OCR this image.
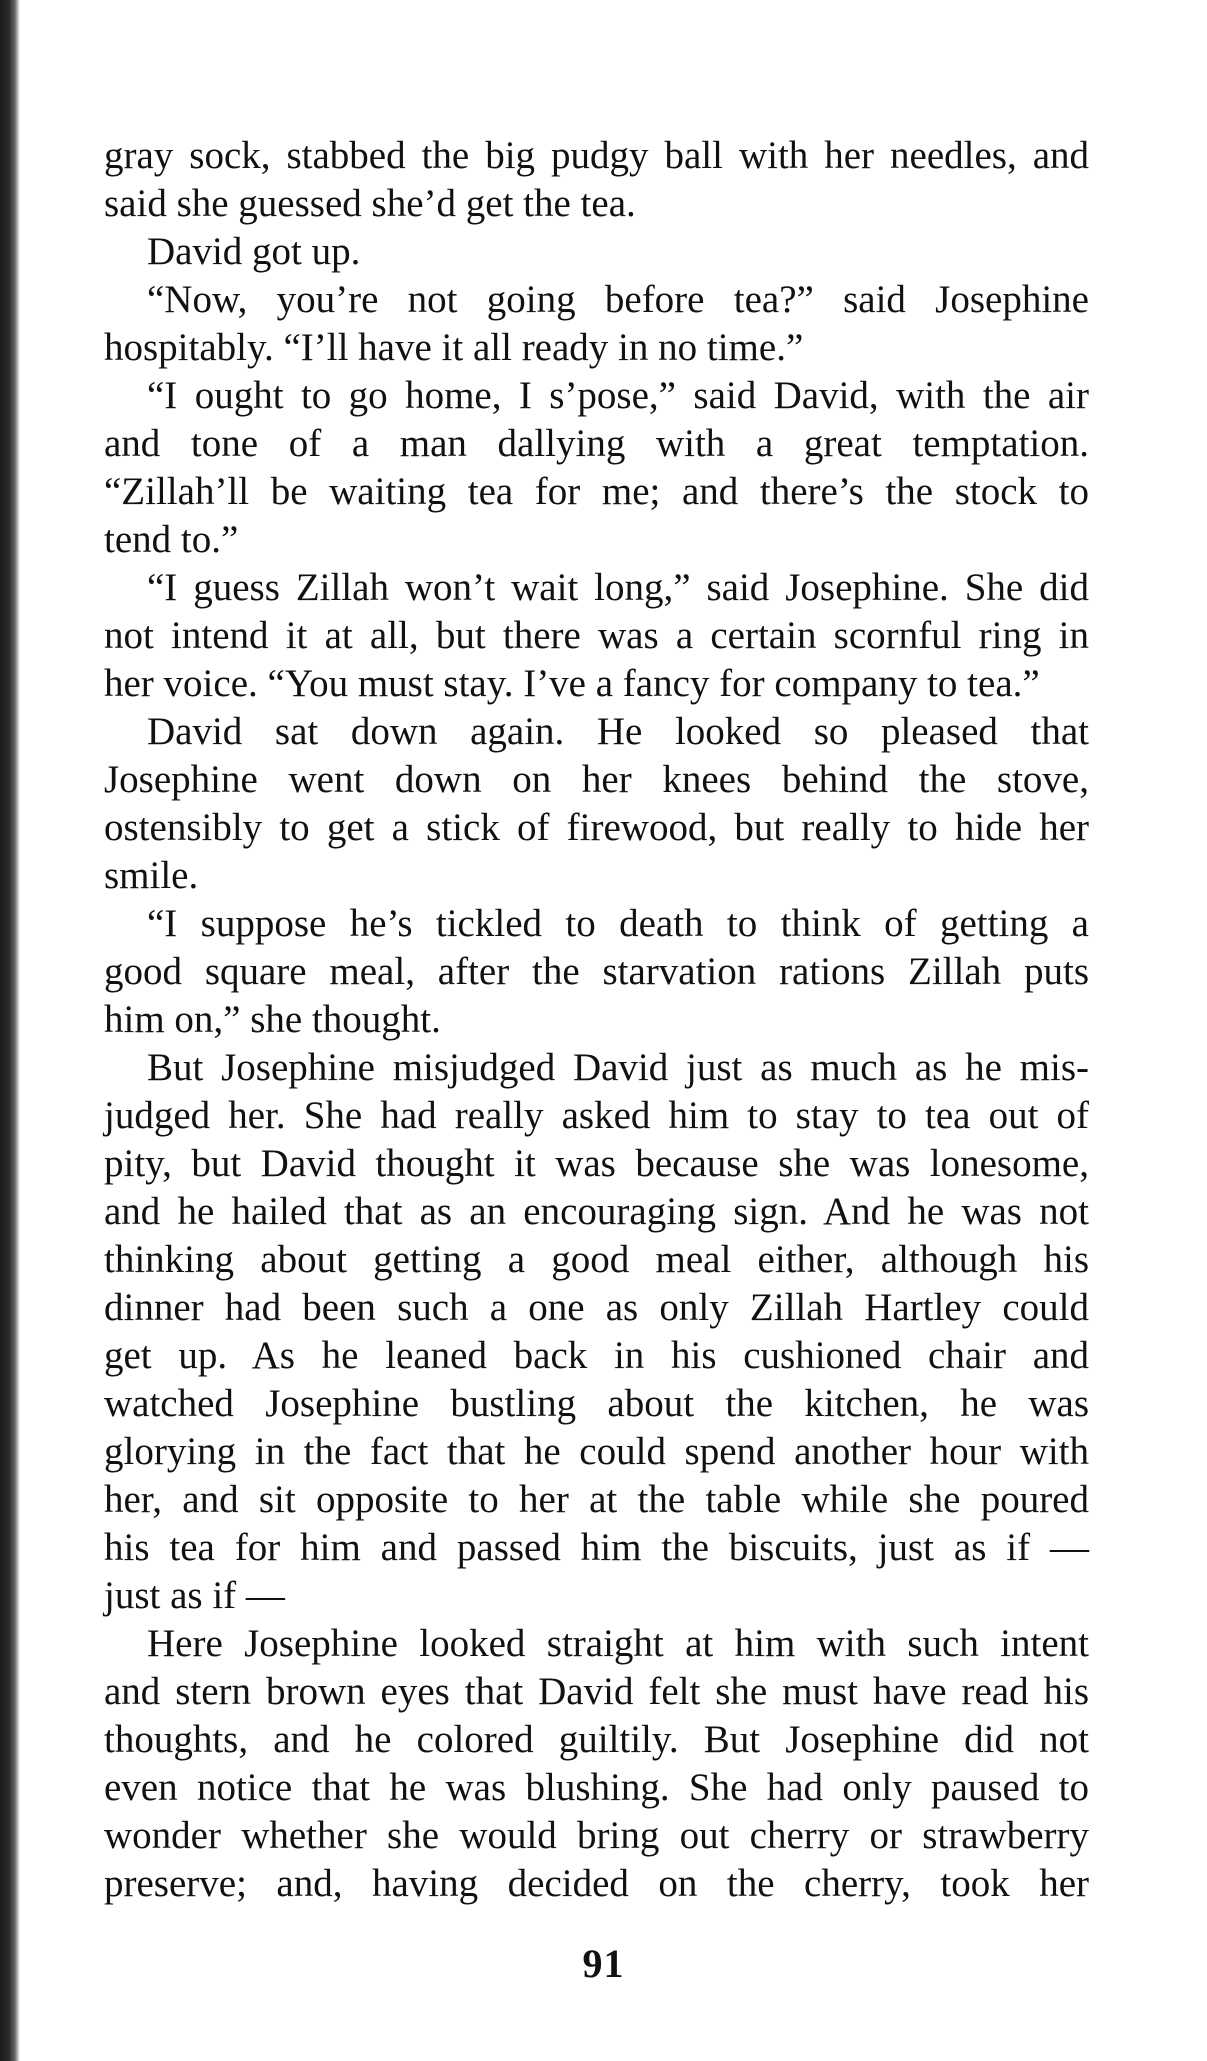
gray sock, stabbed the big pudgy ball with her needles, and
said she guessed she’d get the tea.
David got up.
“Now, you’re not going before tea?” said Josephine
hospitably. “I’ll have it all ready in no time.”
“I ought to go home, I s’pose,” said David, with the air
and tone of a man dallying with a great temptation.
“Zillah’ll be waiting tea for me; and there’s the stock to
tend to.”
“I guess Zillah won’t wait long,” said Josephine. She did
not intend it at all, but there was a certain scornful ring in
her voice. “You must stay. I’ve a fancy for company to tea.”
David sat down again. He looked so pleased that
Josephine went down on her knees behind the stove,
ostensibly to get a stick of firewood, but really to hide her
smile.
“I suppose he’s tickled to death to think of getting a
good square meal, after the starvation rations Zillah puts
him on,” she thought.
But Josephine misjudged David just as much as he mis-
judged her. She had really asked him to stay to tea out of
pity, but David thought it was because she was lonesome,
and he hailed that as an encouraging sign. And he was not
thinking about getting a good meal either, although his
dinner had been such a one as only Zillah Hartley could
get up. As he leaned back in his cushioned chair and
watched Josephine bustling about the kitchen, he was
glorying in the fact that he could spend another hour with
her, and sit opposite to her at the table while she poured
his tea for him and passed him the biscuits, just as if —
just as if —
Here Josephine looked straight at him with such intent
and stern brown eyes that David felt she must have read his
thoughts, and he colored guiltily. But Josephine did not
even notice that he was blushing. She had only paused to
wonder whether she would bring out cherry or strawberry
preserve; and, having decided on the cherry, took her
91
